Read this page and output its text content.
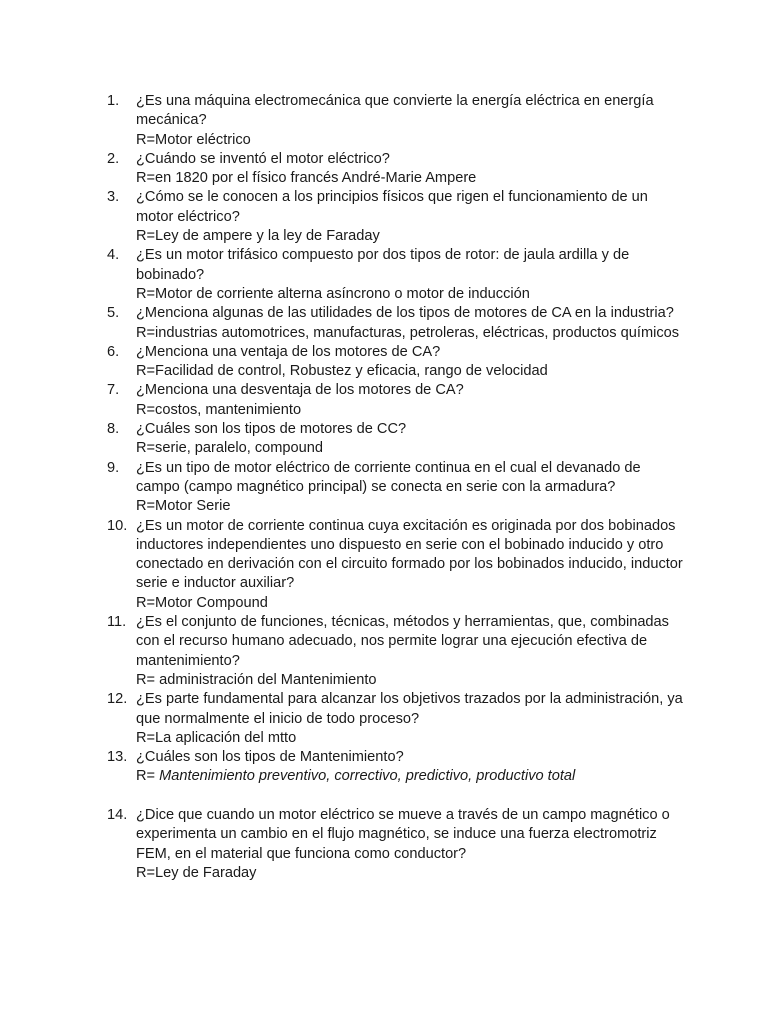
1.	¿Es una máquina electromecánica que convierte la energía eléctrica en energía mecánica?
R=Motor eléctrico
2.	¿Cuándo se inventó el motor eléctrico?
R=en 1820 por el físico francés André-Marie Ampere
3.	¿Cómo se le conocen a los principios físicos que rigen el funcionamiento de un motor eléctrico?
R=Ley de ampere y la ley de Faraday
4.	¿Es un motor trifásico compuesto por dos tipos de rotor: de jaula ardilla y de bobinado?
R=Motor de corriente alterna asíncrono o motor de inducción
5.	¿Menciona algunas de las utilidades de los tipos de motores de CA en la industria?
R=industrias automotrices, manufacturas, petroleras, eléctricas, productos químicos
6.	¿Menciona una ventaja de los motores de CA?
R=Facilidad de control, Robustez y eficacia, rango de velocidad
7.	¿Menciona una desventaja de los motores de CA?
R=costos, mantenimiento
8.	¿Cuáles son los tipos de motores de CC?
R=serie, paralelo, compound
9.	¿Es un tipo de motor eléctrico de corriente continua en el cual el devanado de campo (campo magnético principal) se conecta en serie con la armadura?
R=Motor Serie
10. ¿Es un motor de corriente continua cuya excitación es originada por dos bobinados inductores independientes uno dispuesto en serie con el bobinado inducido y otro conectado en derivación con el circuito formado por los bobinados inducido, inductor serie e inductor auxiliar?
R=Motor Compound
11. ¿Es el conjunto de funciones, técnicas, métodos y herramientas, que, combinadas con el recurso humano adecuado, nos permite lograr una ejecución efectiva de mantenimiento?
R= administración del Mantenimiento
12. ¿Es parte fundamental para alcanzar los objetivos trazados por la administración, ya que normalmente el inicio de todo proceso?
R=La aplicación del mtto
13. ¿Cuáles son los tipos de Mantenimiento?
R= Mantenimiento preventivo, correctivo, predictivo, productivo total
14. ¿Dice que cuando un motor eléctrico se mueve a través de un campo magnético o experimenta un cambio en el flujo magnético, se induce una fuerza electromotriz FEM, en el material que funciona como conductor?
R=Ley de Faraday
